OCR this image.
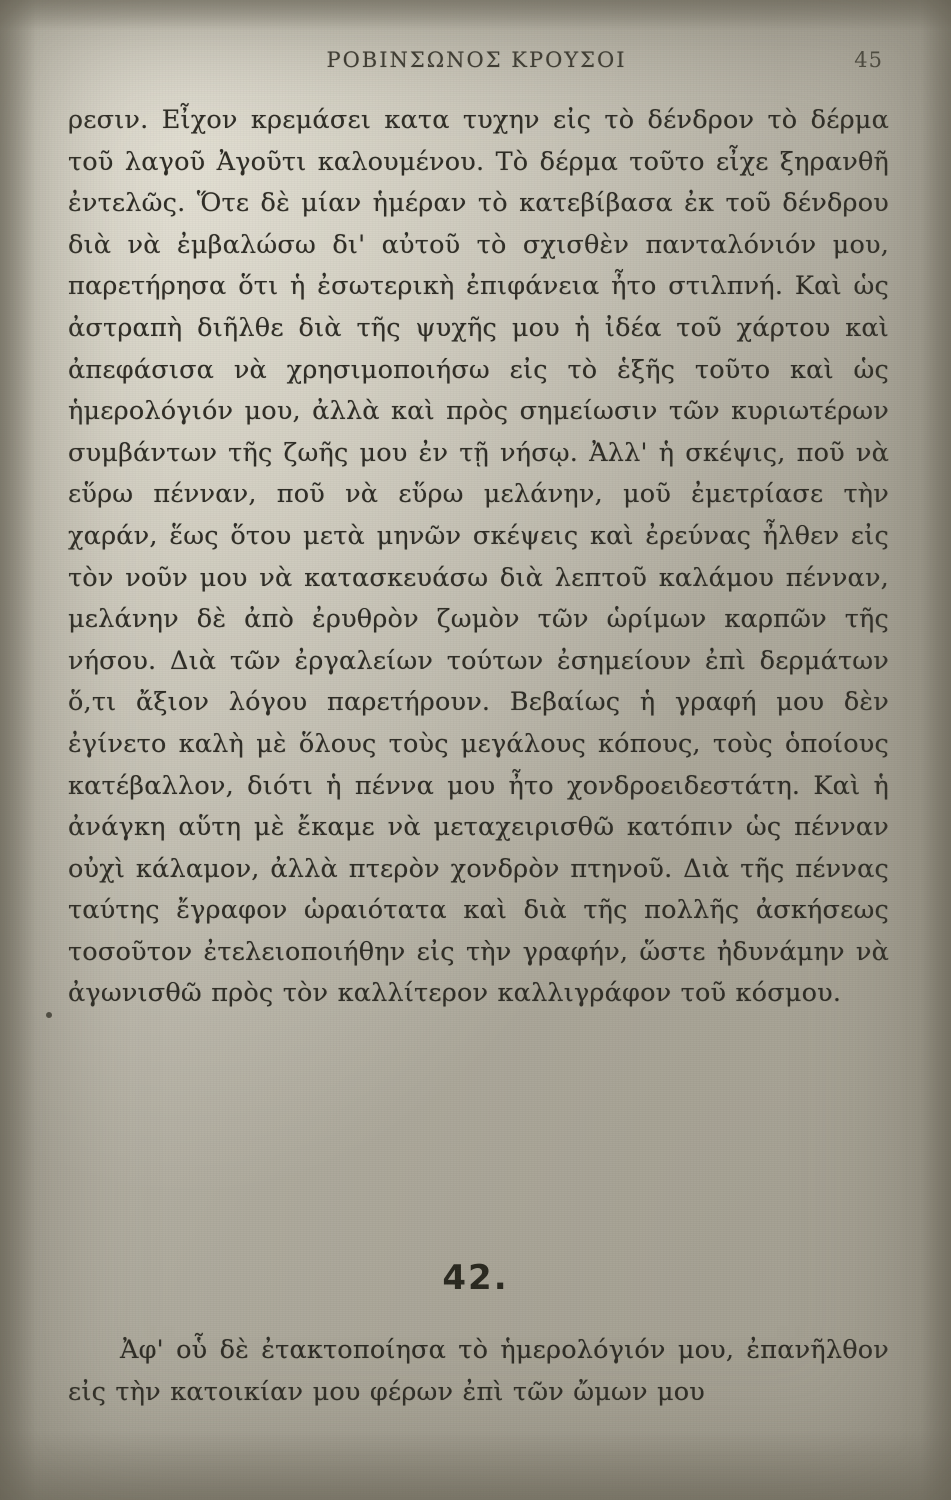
ΡΟΒΙΝΣΩΝΟΣ ΚΡΟΥΣΟΙ	45

ρεσιν. Εἶχον κρεμάσει κατα τυχην εἰς τὸ δένδρον τὸ δέρμα τοῦ λαγοῦ Ἀγοῦτι καλουμένου. Τὸ δέρμα τοῦτο εἶχε ξηρανθῆ ἐντελῶς. Ὅτε δὲ μίαν ἡμέραν τὸ κατεβίβασα ἐκ τοῦ δένδρου διὰ νὰ ἐμβαλώσω δι' αὐτοῦ τὸ σχισθὲν πανταλόνιόν μου, παρετήρησα ὅτι ἡ ἐσωτερικὴ ἐπιφάνεια ἦτο στιλπνή. Καὶ ὡς ἀστραπὴ διῆλθε διὰ τῆς ψυχῆς μου ἡ ἰδέα τοῦ χάρτου καὶ ἀπεφάσισα νὰ χρησιμοποιήσω εἰς τὸ ἑξῆς τοῦτο καὶ ὡς ἡμερολόγιόν μου, ἀλλὰ καὶ πρὸς σημείωσιν τῶν κυριωτέρων συμβάντων τῆς ζωῆς μου ἐν τῇ νήσῳ. Ἀλλ' ἡ σκέψις, ποῦ νὰ εὕρω πένναν, ποῦ νὰ εὕρω μελάνην, μοῦ ἐμετρίασε τὴν χαράν, ἕως ὅτου μετὰ μηνῶν σκέψεις καὶ ἐρεύνας ἦλθεν εἰς τὸν νοῦν μου νὰ κατασκευάσω διὰ λεπτοῦ καλάμου πένναν, μελάνην δὲ ἀπὸ ἐρυθρὸν ζωμὸν τῶν ὡρίμων καρπῶν τῆς νήσου. Διὰ τῶν ἐργαλείων τούτων ἐσημείουν ἐπὶ δερμάτων ὅ,τι ἄξιον λόγου παρετήρουν. Βεβαίως ἡ γραφή μου δὲν ἐγίνετο καλὴ μὲ ὅλους τοὺς μεγάλους κόπους, τοὺς ὁποίους κατέβαλλον, διότι ἡ πέννα μου ἦτο χονδροειδεστάτη. Καὶ ἡ ἀνάγκη αὕτη μὲ ἔκαμε νὰ μεταχειρισθῶ κατόπιν ὡς πένναν οὐχὶ κάλαμον, ἀλλὰ πτερὸν χονδρὸν πτηνοῦ. Διὰ τῆς πέννας ταύτης ἔγραφον ὡραιότατα καὶ διὰ τῆς πολλῆς ἀσκήσεως τοσοῦτον ἐτελειοποιήθην εἰς τὴν γραφήν, ὥστε ἠδυνάμην νὰ ἀγωνισθῶ πρὸς τὸν καλλίτερον καλλιγράφον τοῦ κόσμου.

42.

Ἀφ' οὗ δὲ ἐτακτοποίησα τὸ ἡμερολόγιόν μου, ἐπανῆλθον εἰς τὴν κατοικίαν μου φέρων ἐπὶ τῶν ὤμων μου
